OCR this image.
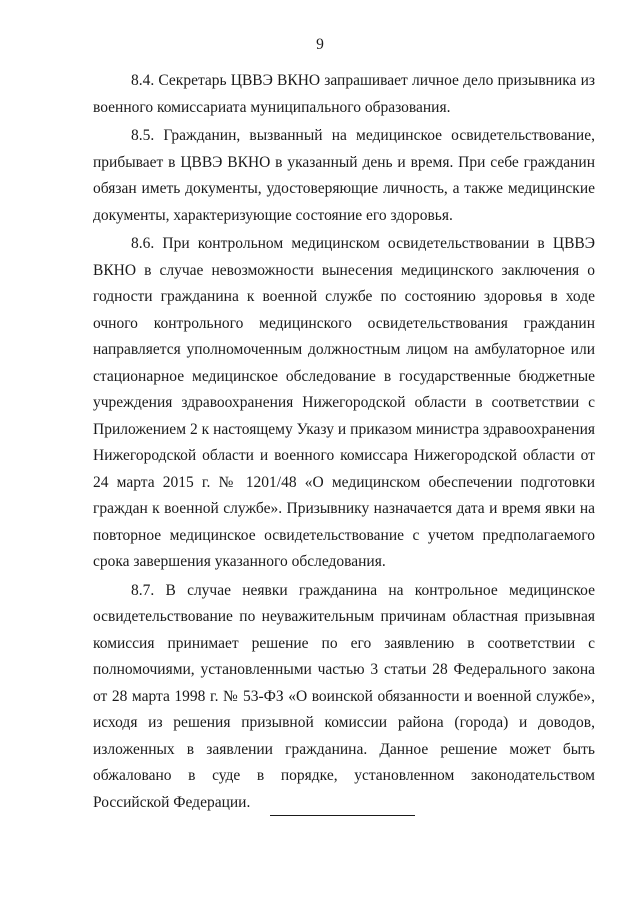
9

8.4. Секретарь ЦВВЭ ВКНО запрашивает личное дело призывника из военного комиссариата муниципального образования.

8.5. Гражданин, вызванный на медицинское освидетельствование, прибывает в ЦВВЭ ВКНО в указанный день и время. При себе гражданин обязан иметь документы, удостоверяющие личность, а также медицинские документы, характеризующие состояние его здоровья.

8.6. При контрольном медицинском освидетельствовании в ЦВВЭ ВКНО в случае невозможности вынесения медицинского заключения о годности гражданина к военной службе по состоянию здоровья в ходе очного контрольного медицинского освидетельствования гражданин направляется уполномоченным должностным лицом на амбулаторное или стационарное медицинское обследование в государственные бюджетные учреждения здравоохранения Нижегородской области в соответствии с Приложением 2 к настоящему Указу и приказом министра здравоохранения Нижегородской области и военного комиссара Нижегородской области от 24 марта 2015 г. № 1201/48 «О медицинском обеспечении подготовки граждан к военной службе». Призывнику назначается дата и время явки на повторное медицинское освидетельствование с учетом предполагаемого срока завершения указанного обследования.

8.7. В случае неявки гражданина на контрольное медицинское освидетельствование по неуважительным причинам областная призывная комиссия принимает решение по его заявлению в соответствии с полномочиями, установленными частью 3 статьи 28 Федерального закона от 28 марта 1998 г. № 53-ФЗ «О воинской обязанности и военной службе», исходя из решения призывной комиссии района (города) и доводов, изложенных в заявлении гражданина. Данное решение может быть обжаловано в суде в порядке, установленном законодательством Российской Федерации.
